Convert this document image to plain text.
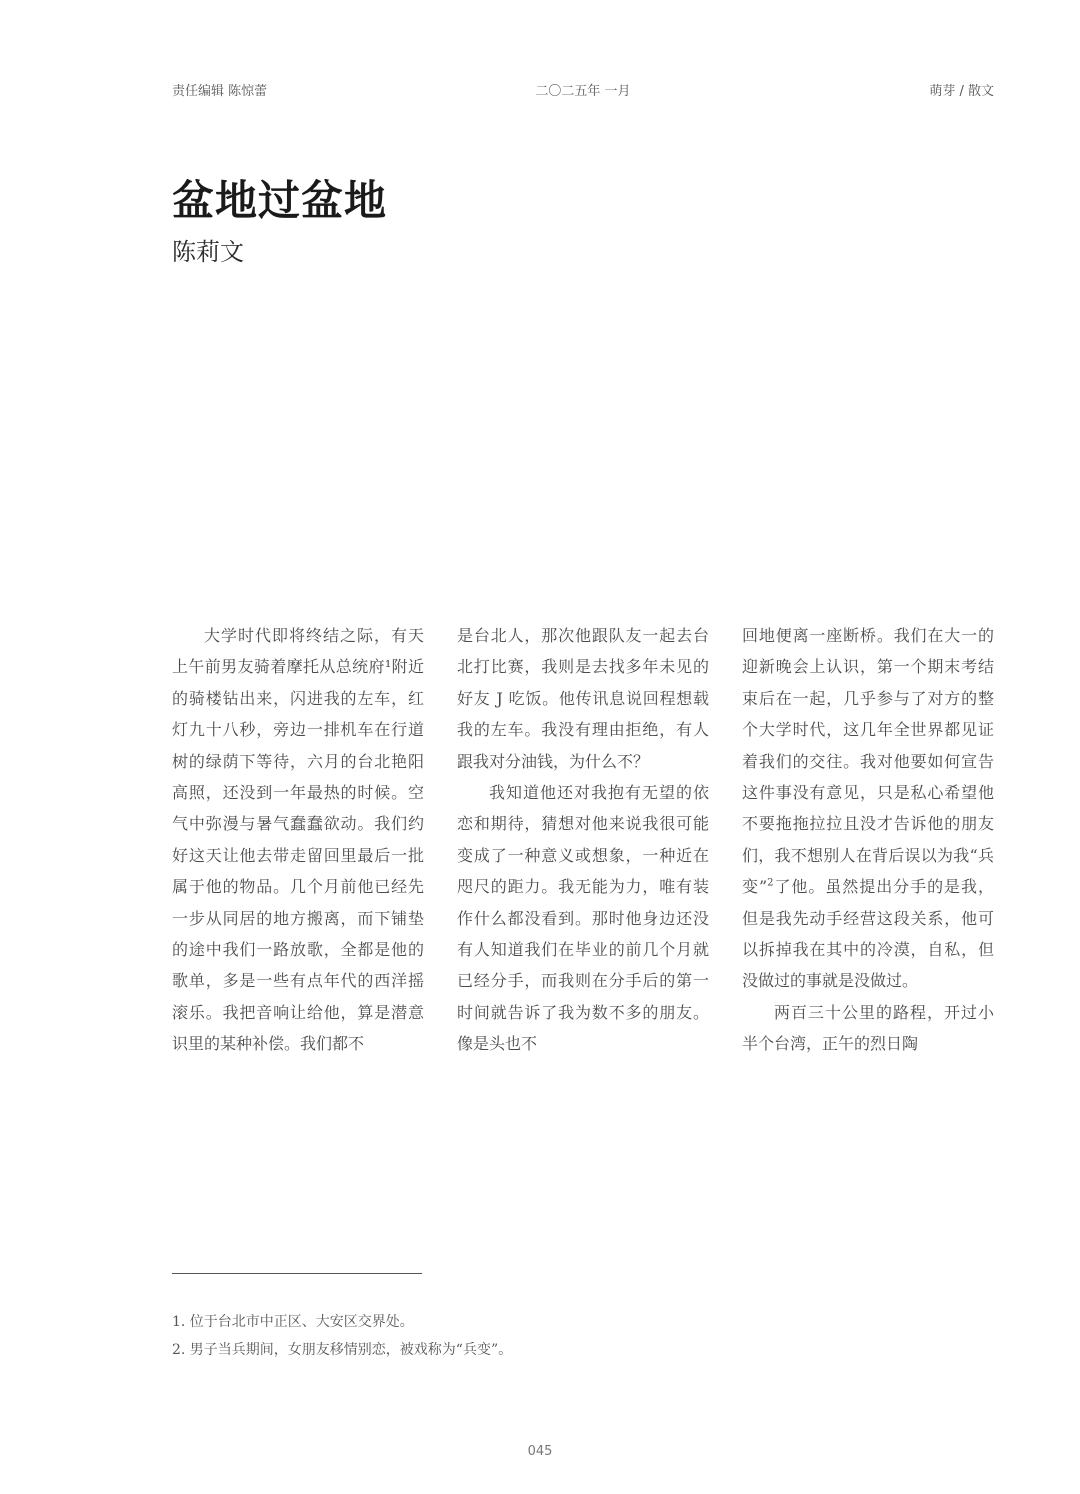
责任编辑 陈惊蕾	二〇二五年 一月	萌芽 / 散文
盆地过盆地
陈莉文

大学时代即将终结之际，有天上午前男友骑着摩托从总统府¹附近的骑楼钻出来，闪进我的左车，红灯九十八秒，旁边一排机车在行道树的绿荫下等待，六月的台北艳阳高照，还没到一年最热的时候。空气中弥漫与暑气蠢蠢欲动。我们约好这天让他去带走留回里最后一批属于他的物品。几个月前他已经先一步从同居的地方搬离，而下铺垫的途中我们一路放歌，全都是他的歌单，多是一些有点年代的西洋摇滚乐。我把音响让给他，算是潜意识里的某种补偿。我们都不

是台北人，那次他跟队友一起去台北打比赛，我则是去找多年未见的好友 J 吃饭。他传讯息说回程想载我的左车。我没有理由拒绝，有人跟我对分油钱，为什么不？

我知道他还对我抱有无望的依恋和期待，猜想对他来说我很可能变成了一种意义或想象，一种近在咫尺的距力。我无能为力，唯有装作什么都没看到。那时他身边还没有人知道我们在毕业的前几个月就已经分手，而我则在分手后的第一时间就告诉了我为数不多的朋友。像是头也不

回地便离一座断桥。我们在大一的迎新晚会上认识，第一个期末考结束后在一起，几乎参与了对方的整个大学时代，这几年全世界都见证着我们的交往。我对他要如何宣告这件事没有意见，只是私心希望他不要拖拖拉拉且没才告诉他的朋友们，我不想别人在背后误以为我“兵变”$^2$了他。虽然提出分手的是我，但是我先动手经营这段关系，他可以拆掉我在其中的冷漠，自私，但没做过的事就是没做过。

两百三十公里的路程，开过小半个台湾，正午的烈日陶

1. 位于台北市中正区、大安区交界处。

2. 男子当兵期间，女朋友移情别恋，被戏称为“兵变”。

045
